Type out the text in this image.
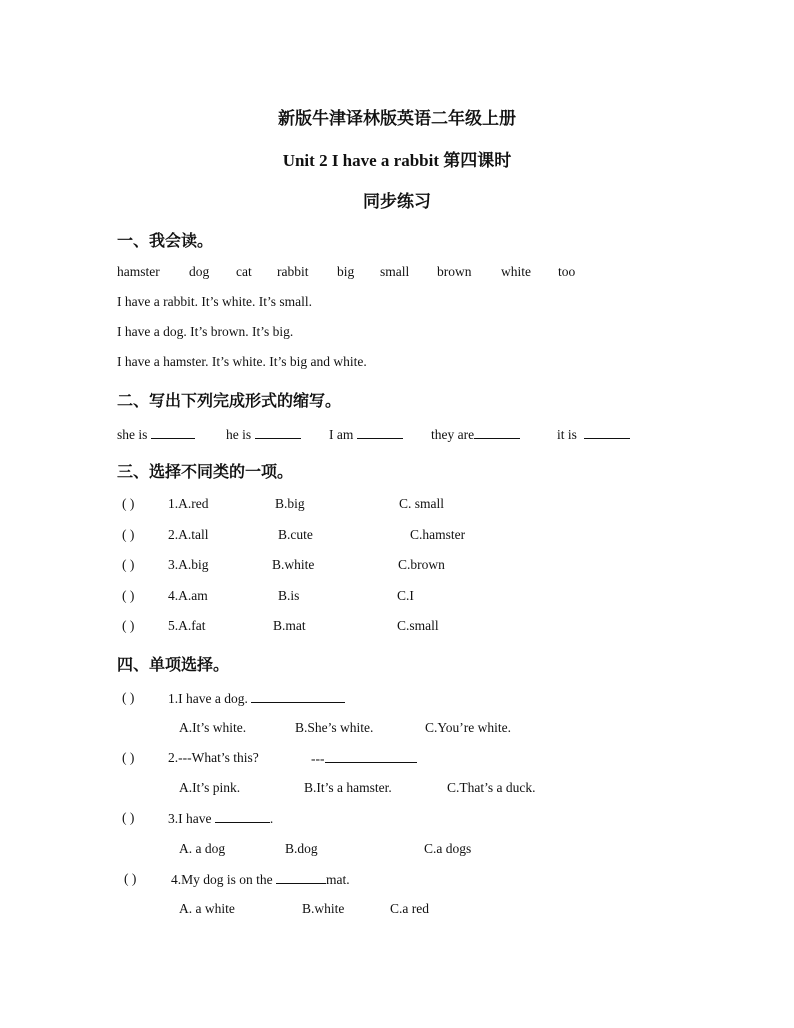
新版牛津译林版英语二年级上册
Unit 2 I have a rabbit 第四课时
同步练习
一、我会读。
hamster dog cat rabbit big small brown white too
I have a rabbit. It’s white. It’s small.
I have a dog. It’s brown. It’s big.
I have a hamster. It’s white. It’s big and white.
二、写出下列完成形式的缩写。
she is	he is	I am	they are	it is
三、选择不同类的一项。
( ) 1.A.red	B.big	C. small
( ) 2.A.tall	B.cute	C.hamster
( ) 3.A.big	B.white	C.brown
( ) 4.A.am	B.is	C.I
( ) 5.A.fat	B.mat	C.small
四、单项选择。
( ) 1.I have a dog.
A.It’s white.	B.She’s white.	C.You’re white.
( ) 2.---What’s this?	---
A.It’s pink.	B.It’s a hamster.	C.That’s a duck.
( ) 3.I have	.
A. a dog	B.dog	C.a dogs
( )	4.My dog is on the	mat.
A. a white	B.white	C.a red
